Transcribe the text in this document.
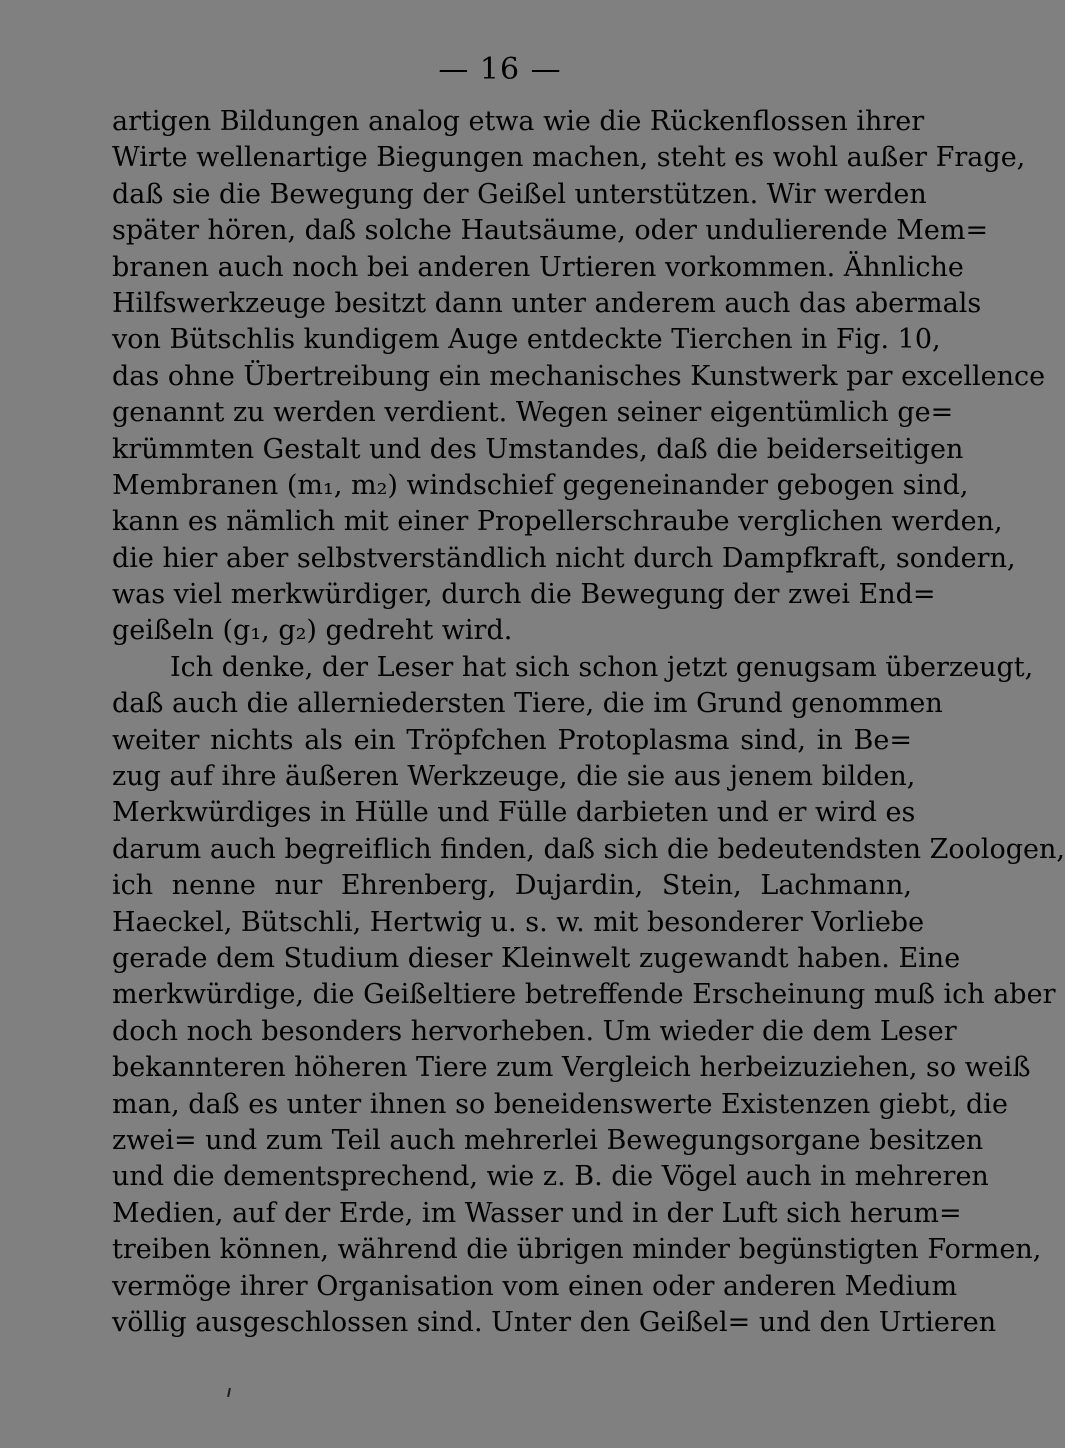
— 16 —
artigen Bildungen analog etwa wie die Rückenflossen ihrer
Wirte wellenartige Biegungen machen, steht es wohl außer Frage,
daß sie die Bewegung der Geißel unterstützen. Wir werden
später hören, daß solche Hautsäume, oder undulierende Mem=
branen auch noch bei anderen Urtieren vorkommen. Ähnliche
Hilfswerkzeuge besitzt dann unter anderem auch das abermals
von Bütschlis kundigem Auge entdeckte Tierchen in Fig. 10,
das ohne Übertreibung ein mechanisches Kunstwerk par excellence
genannt zu werden verdient. Wegen seiner eigentümlich ge=
krümmten Gestalt und des Umstandes, daß die beiderseitigen
Membranen (m₁, m₂) windschief gegeneinander gebogen sind,
kann es nämlich mit einer Propellerschraube verglichen werden,
die hier aber selbstverständlich nicht durch Dampfkraft, sondern,
was viel merkwürdiger, durch die Bewegung der zwei End=
geißeln (g₁, g₂) gedreht wird.
Ich denke, der Leser hat sich schon jetzt genugsam überzeugt,
daß auch die allerniedersten Tiere, die im Grund genommen
weiter nichts als ein Tröpfchen Protoplasma sind, in Be=
zug auf ihre äußeren Werkzeuge, die sie aus jenem bilden,
Merkwürdiges in Hülle und Fülle darbieten und er wird es
darum auch begreiflich finden, daß sich die bedeutendsten Zoologen,
ich nenne nur Ehrenberg, Dujardin, Stein, Lachmann,
Haeckel, Bütschli, Hertwig u. s. w. mit besonderer Vorliebe
gerade dem Studium dieser Kleinwelt zugewandt haben. Eine
merkwürdige, die Geißeltiere betreffende Erscheinung muß ich aber
doch noch besonders hervorheben. Um wieder die dem Leser
bekannteren höheren Tiere zum Vergleich herbeizuziehen, so weiß
man, daß es unter ihnen so beneidenswerte Existenzen giebt, die
zwei= und zum Teil auch mehrerlei Bewegungsorgane besitzen
und die dementsprechend, wie z. B. die Vögel auch in mehreren
Medien, auf der Erde, im Wasser und in der Luft sich herum=
treiben können, während die übrigen minder begünstigten Formen,
vermöge ihrer Organisation vom einen oder anderen Medium
völlig ausgeschlossen sind. Unter den Geißel= und den Urtieren
